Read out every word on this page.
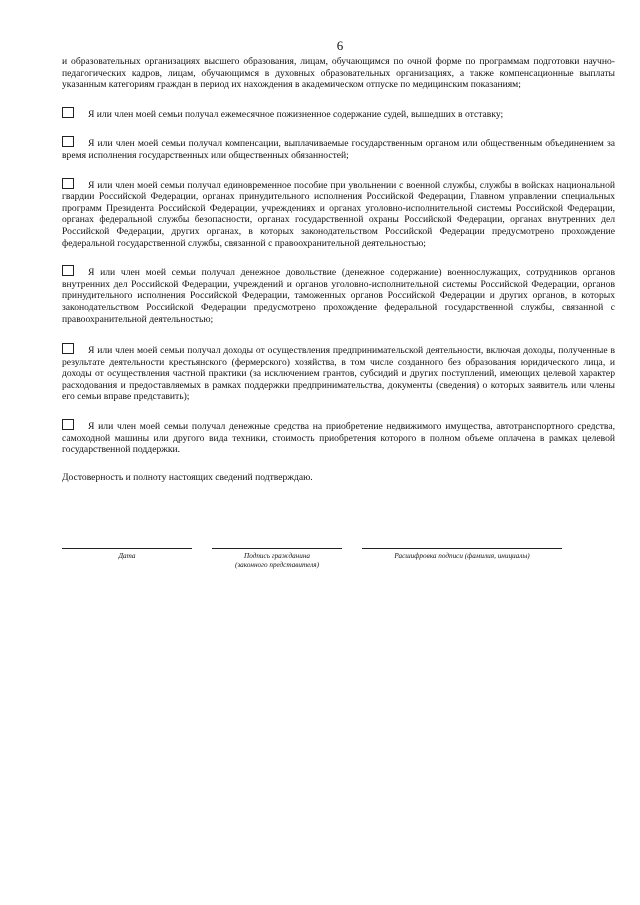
6

и образовательных организациях высшего образования, лицам, обучающимся по очной форме по программам подготовки научно-педагогических кадров, лицам, обучающимся в духовных образовательных организациях, а также компенсационные выплаты указанным категориям граждан в период их нахождения в академическом отпуске по медицинским показаниям;

Я или член моей семьи получал ежемесячное пожизненное содержание судей, вышедших в отставку;

Я или член моей семьи получал компенсации, выплачиваемые государственным органом или общественным объединением за время исполнения государственных или общественных обязанностей;

Я или член моей семьи получал единовременное пособие при увольнении с военной службы, службы в войсках национальной гвардии Российской Федерации, органах принудительного исполнения Российской Федерации, Главном управлении специальных программ Президента Российской Федерации, учреждениях и органах уголовно-исполнительной системы Российской Федерации, органах федеральной службы безопасности, органах государственной охраны Российской Федерации, органах внутренних дел Российской Федерации, других органах, в которых законодательством Российской Федерации предусмотрено прохождение федеральной государственной службы, связанной с правоохранительной деятельностью;

Я или член моей семьи получал денежное довольствие (денежное содержание) военнослужащих, сотрудников органов внутренних дел Российской Федерации, учреждений и органов уголовно-исполнительной системы Российской Федерации, органов принудительного исполнения Российской Федерации, таможенных органов Российской Федерации и других органов, в которых законодательством Российской Федерации предусмотрено прохождение федеральной государственной службы, связанной с правоохранительной деятельностью;

Я или член моей семьи получал доходы от осуществления предпринимательской деятельности, включая доходы, полученные в результате деятельности крестьянского (фермерского) хозяйства, в том числе созданного без образования юридического лица, и доходы от осуществления частной практики (за исключением грантов, субсидий и других поступлений, имеющих целевой характер расходования и предоставляемых в рамках поддержки предпринимательства, документы (сведения) о которых заявитель или члены его семьи вправе представить);

Я или член моей семьи получал денежные средства на приобретение недвижимого имущества, автотранспортного средства, самоходной машины или другого вида техники, стоимость приобретения которого в полном объеме оплачена в рамках целевой государственной поддержки.

Достоверность и полноту настоящих сведений подтверждаю.

Дата	Подпись гражданина
(законного представителя)
Расшифровка подписи (фамилия, инициалы)
